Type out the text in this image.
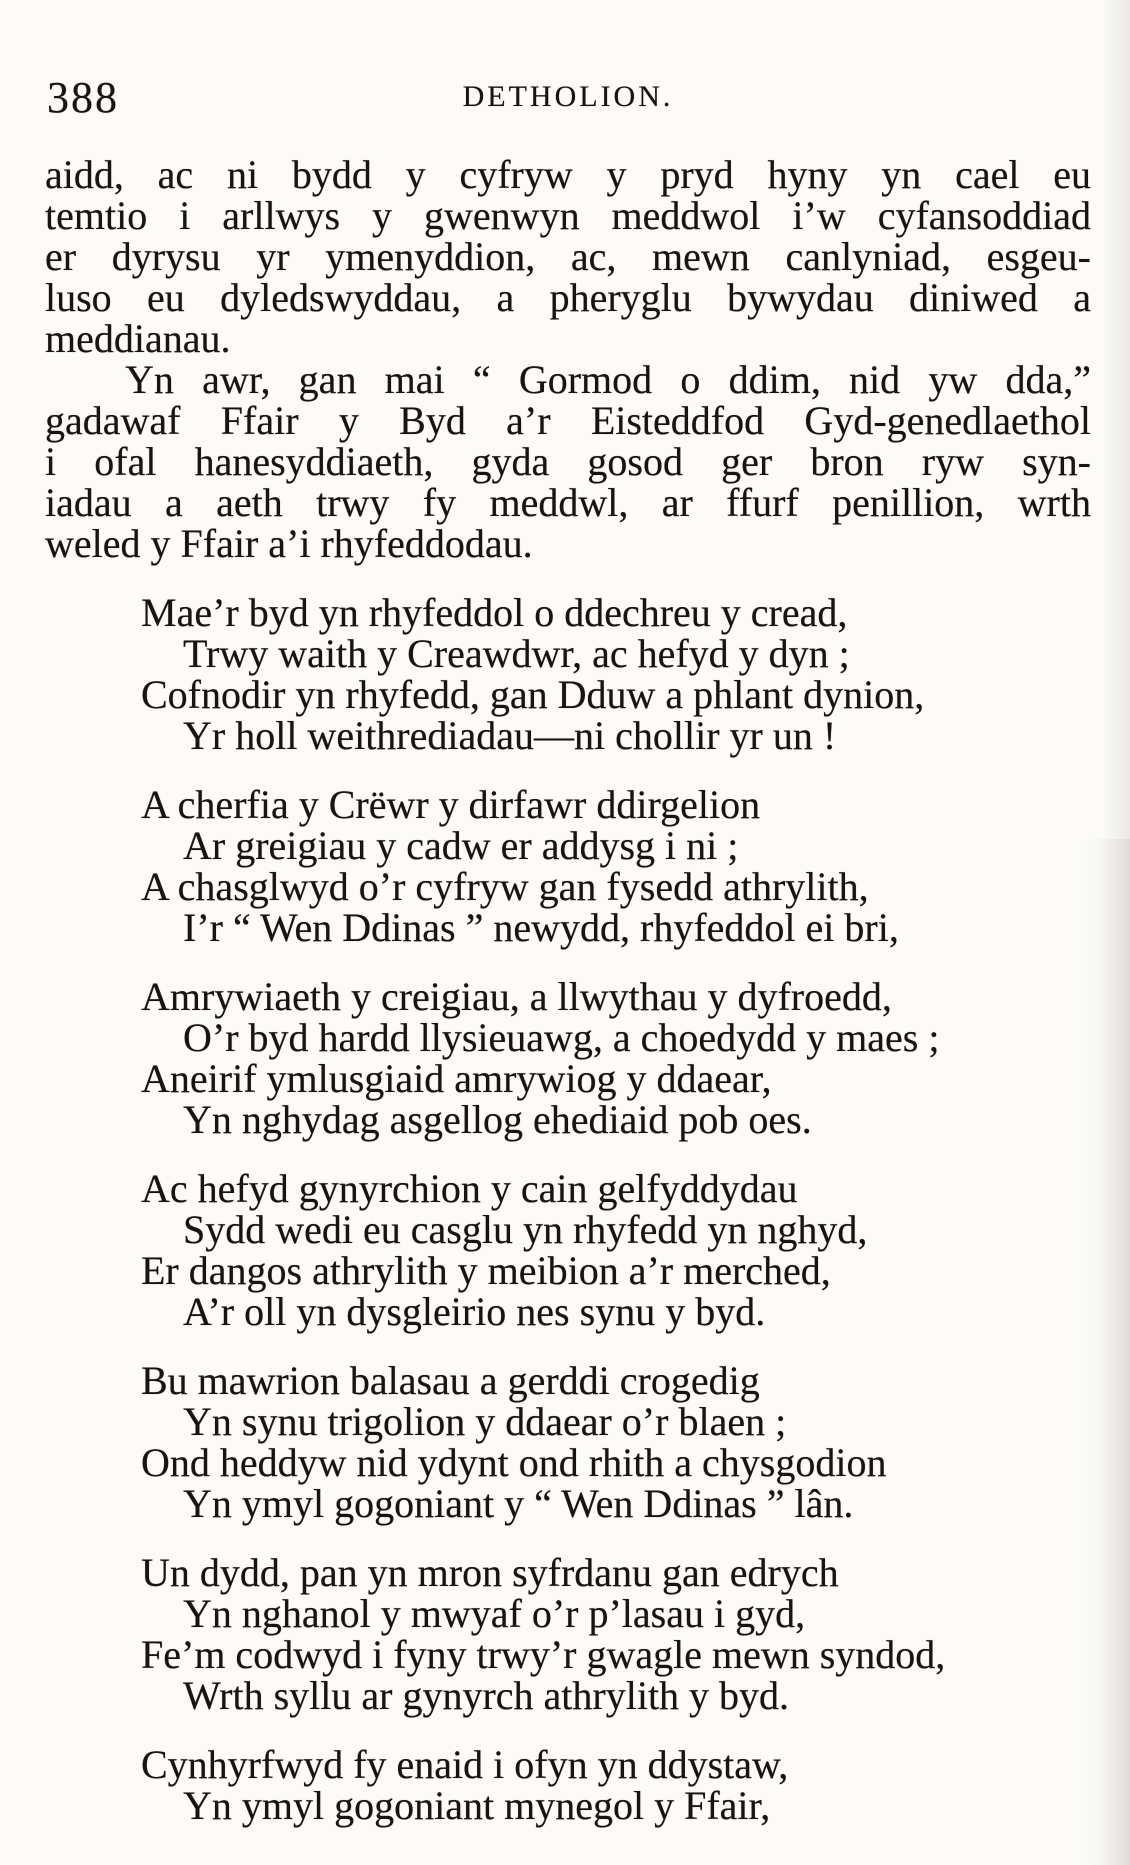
388	DETHOLION.
aidd, ac ni bydd y cyfryw y pryd hyny yn cael eu
temtio i arllwys y gwenwyn meddwol i’w cyfansoddiad
er dyrysu yr ymenyddion, ac, mewn canlyniad, esgeu-
luso eu dyledswyddau, a pheryglu bywydau diniwed a
meddianau.
Yn awr, gan mai “ Gormod o ddim, nid yw dda,”
gadawaf Ffair y Byd a’r Eisteddfod Gyd-genedlaethol
i ofal hanesyddiaeth, gyda gosod ger bron ryw syn-
iadau a aeth trwy fy meddwl, ar ffurf penillion, wrth
weled y Ffair a’i rhyfeddodau.
Mae’r byd yn rhyfeddol o ddechreu y cread,
Trwy waith y Creawdwr, ac hefyd y dyn ;
Cofnodir yn rhyfedd, gan Dduw a phlant dynion,
Yr holl weithrediadau—ni chollir yr un !
A cherfia y Crëwr y dirfawr ddirgelion
Ar greigiau y cadw er addysg i ni ;
A chasglwyd o’r cyfryw gan fysedd athrylith,
I’r “ Wen Ddinas ” newydd, rhyfeddol ei bri,
Amrywiaeth y creigiau, a llwythau y dyfroedd,
O’r byd hardd llysieuawg, a choedydd y maes ;
Aneirif ymlusgiaid amrywiog y ddaear,
Yn nghydag asgellog ehediaid pob oes.
Ac hefyd gynyrchion y cain gelfyddydau
Sydd wedi eu casglu yn rhyfedd yn nghyd,
Er dangos athrylith y meibion a’r merched,
A’r oll yn dysgleirio nes synu y byd.
Bu mawrion balasau a gerddi crogedig
Yn synu trigolion y ddaear o’r blaen ;
Ond heddyw nid ydynt ond rhith a chysgodion
Yn ymyl gogoniant y “ Wen Ddinas ” lân.
Un dydd, pan yn mron syfrdanu gan edrych
Yn nghanol y mwyaf o’r p’lasau i gyd,
Fe’m codwyd i fyny trwy’r gwagle mewn syndod,
Wrth syllu ar gynyrch athrylith y byd.
Cynhyrfwyd fy enaid i ofyn yn ddystaw,
Yn ymyl gogoniant mynegol y Ffair,
